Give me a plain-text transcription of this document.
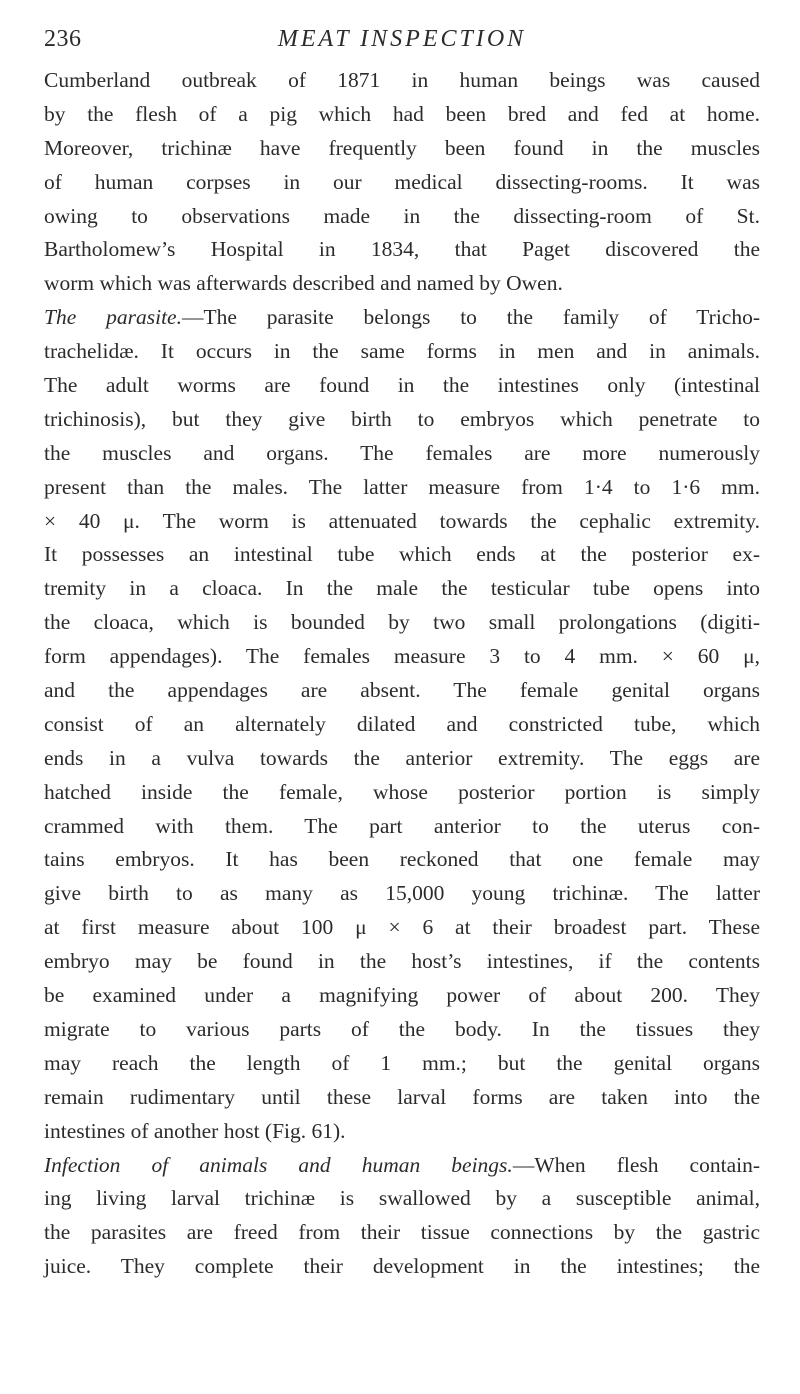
236	MEAT INSPECTION
Cumberland outbreak of 1871 in human beings was caused
by the flesh of a pig which had been bred and fed at home.
Moreover, trichinæ have frequently been found in the muscles
of human corpses in our medical dissecting-rooms. It was
owing to observations made in the dissecting-room of St.
Bartholomew’s Hospital in 1834, that Paget discovered the
worm which was afterwards described and named by Owen.
The parasite.—The parasite belongs to the family of Tricho-
trachelidæ. It occurs in the same forms in men and in animals.
The adult worms are found in the intestines only (intestinal
trichinosis), but they give birth to embryos which penetrate to
the muscles and organs. The females are more numerously
present than the males. The latter measure from 1·4 to 1·6 mm.
× 40 μ. The worm is attenuated towards the cephalic extremity.
It possesses an intestinal tube which ends at the posterior ex-
tremity in a cloaca. In the male the testicular tube opens into
the cloaca, which is bounded by two small prolongations (digiti-
form appendages). The females measure 3 to 4 mm. × 60 μ,
and the appendages are absent. The female genital organs
consist of an alternately dilated and constricted tube, which
ends in a vulva towards the anterior extremity. The eggs are
hatched inside the female, whose posterior portion is simply
crammed with them. The part anterior to the uterus con-
tains embryos. It has been reckoned that one female may
give birth to as many as 15,000 young trichinæ. The latter
at first measure about 100 μ × 6 at their broadest part. These
embryo may be found in the host’s intestines, if the contents
be examined under a magnifying power of about 200. They
migrate to various parts of the body. In the tissues they
may reach the length of 1 mm.; but the genital organs
remain rudimentary until these larval forms are taken into the
intestines of another host (Fig. 61).
Infection of animals and human beings.—When flesh contain-
ing living larval trichinæ is swallowed by a susceptible animal,
the parasites are freed from their tissue connections by the gastric
juice. They complete their development in the intestines; the
